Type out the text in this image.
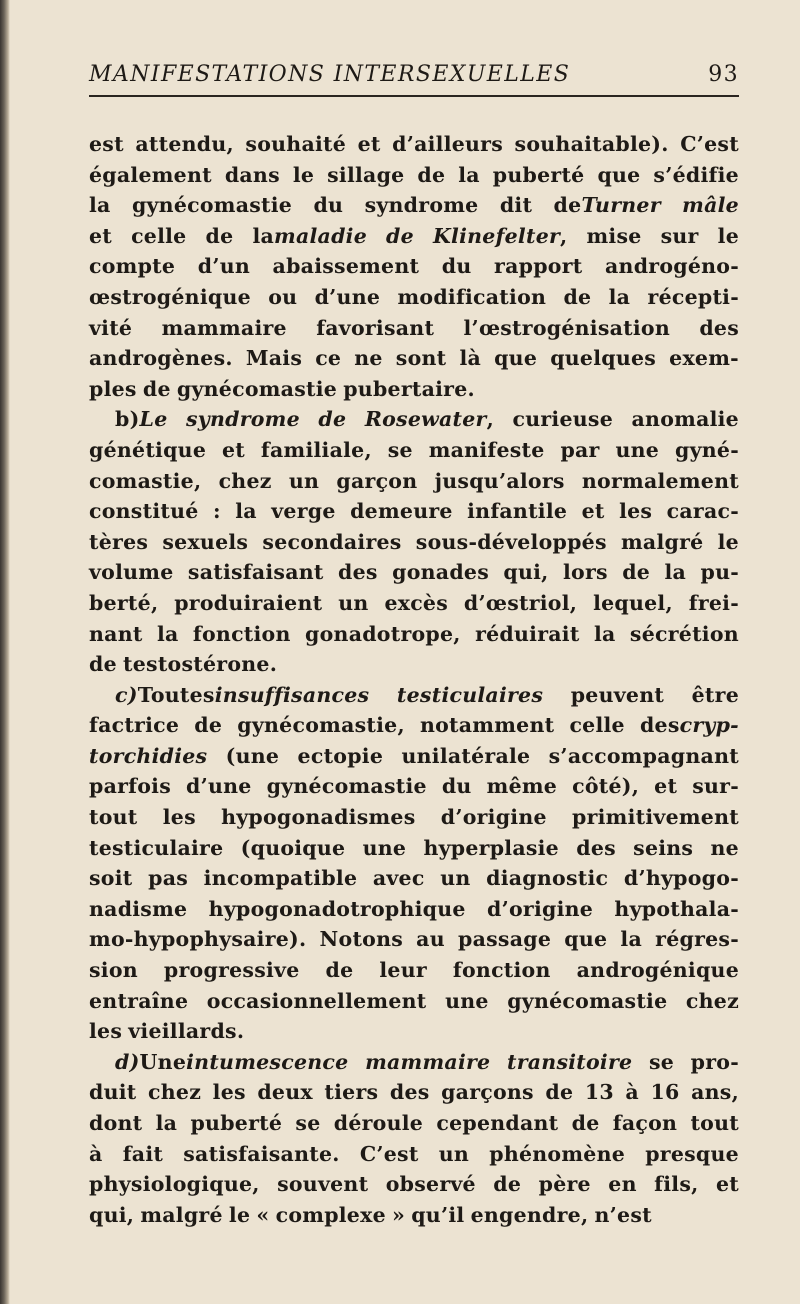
MANIFESTATIONS INTERSEXUELLES	93
est attendu, souhaité et d’ailleurs souhaitable). C’est
également dans le sillage de la puberté que s’édifie
la gynécomastie du syndrome dit deTurner mâle
et celle de lamaladie de Klinefelter, mise sur le
compte d’un abaissement du rapport androgéno-
œstrogénique ou d’une modification de la récepti-
vité mammaire favorisant l’œstrogénisation des
androgènes. Mais ce ne sont là que quelques exem-
ples de gynécomastie pubertaire.
b)Le syndrome de Rosewater, curieuse anomalie
génétique et familiale, se manifeste par une gyné-
comastie, chez un garçon jusqu’alors normalement
constitué : la verge demeure infantile et les carac-
tères sexuels secondaires sous-développés malgré le
volume satisfaisant des gonades qui, lors de la pu-
berté, produiraient un excès d’œstriol, lequel, frei-
nant la fonction gonadotrope, réduirait la sécrétion
de testostérone.
c)Toutesinsuffisances testiculaires peuvent être
factrice de gynécomastie, notamment celle descryp-
torchidies (une ectopie unilatérale s’accompagnant
parfois d’une gynécomastie du même côté), et sur-
tout les hypogonadismes d’origine primitivement
testiculaire (quoique une hyperplasie des seins ne
soit pas incompatible avec un diagnostic d’hypogo-
nadisme hypogonadotrophique d’origine hypothala-
mo-hypophysaire). Notons au passage que la régres-
sion progressive de leur fonction androgénique
entraîne occasionnellement une gynécomastie chez
les vieillards.
d)Uneintumescence mammaire transitoire se pro-
duit chez les deux tiers des garçons de 13 à 16 ans,
dont la puberté se déroule cependant de façon tout
à fait satisfaisante. C’est un phénomène presque
physiologique, souvent observé de père en fils, et
qui, malgré le « complexe » qu’il engendre, n’est
